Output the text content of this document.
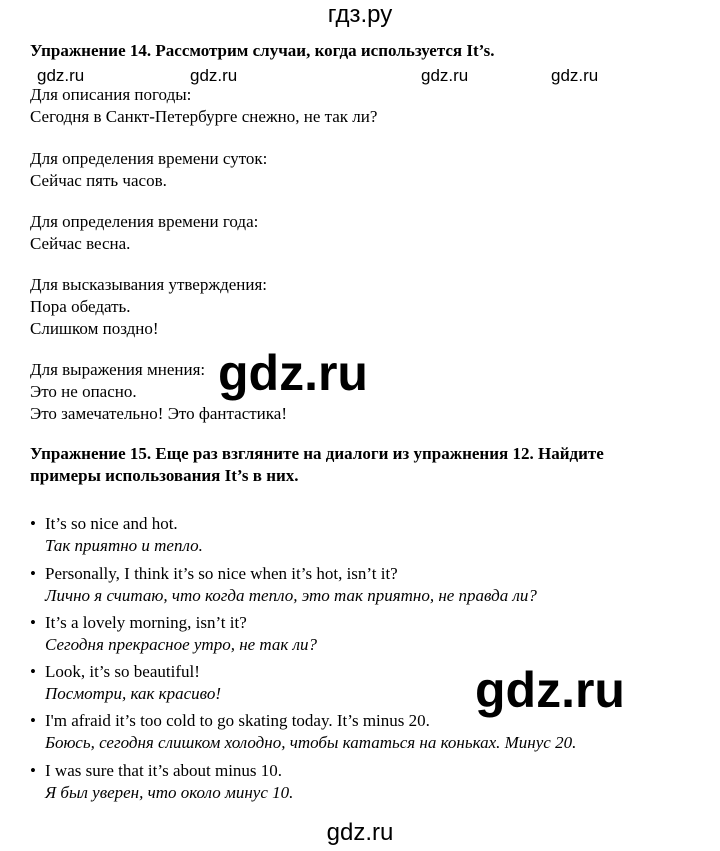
гдз.ру
Упражнение 14. Рассмотрим случаи, когда используется It’s.
gdz.ru	gdz.ru	gdz.ru	gdz.ru
Для описания погоды:
Сегодня в Санкт-Петербурге снежно, не так ли?
Для определения времени суток:
Сейчас пять часов.
Для определения времени года:
Сейчас весна.
Для высказывания утверждения:
Пора обедать.
Слишком поздно!
Для выражения мнения:
Это не опасно.
Это замечательно! Это фантастика!
gdz.ru
Упражнение 15. Еще раз взгляните на диалоги из упражнения 12. Найдите
примеры использования It’s в них.
• It’s so nice and hot.
Так приятно и тепло.
• Personally, I think it’s so nice when it’s hot, isn’t it?
Лично я считаю, что когда тепло, это так приятно, не правда ли?
• It’s a lovely morning, isn’t it?
Сегодня прекрасное утро, не так ли?
• Look, it’s so beautiful!
Посмотри, как красиво!
• I'm afraid it’s too cold to go skating today. It’s minus 20.
Боюсь, сегодня слишком холодно, чтобы кататься на коньках. Минус 20.
• I was sure that it’s about minus 10.
Я был уверен, что около минус 10.
gdz.ru
gdz.ru
